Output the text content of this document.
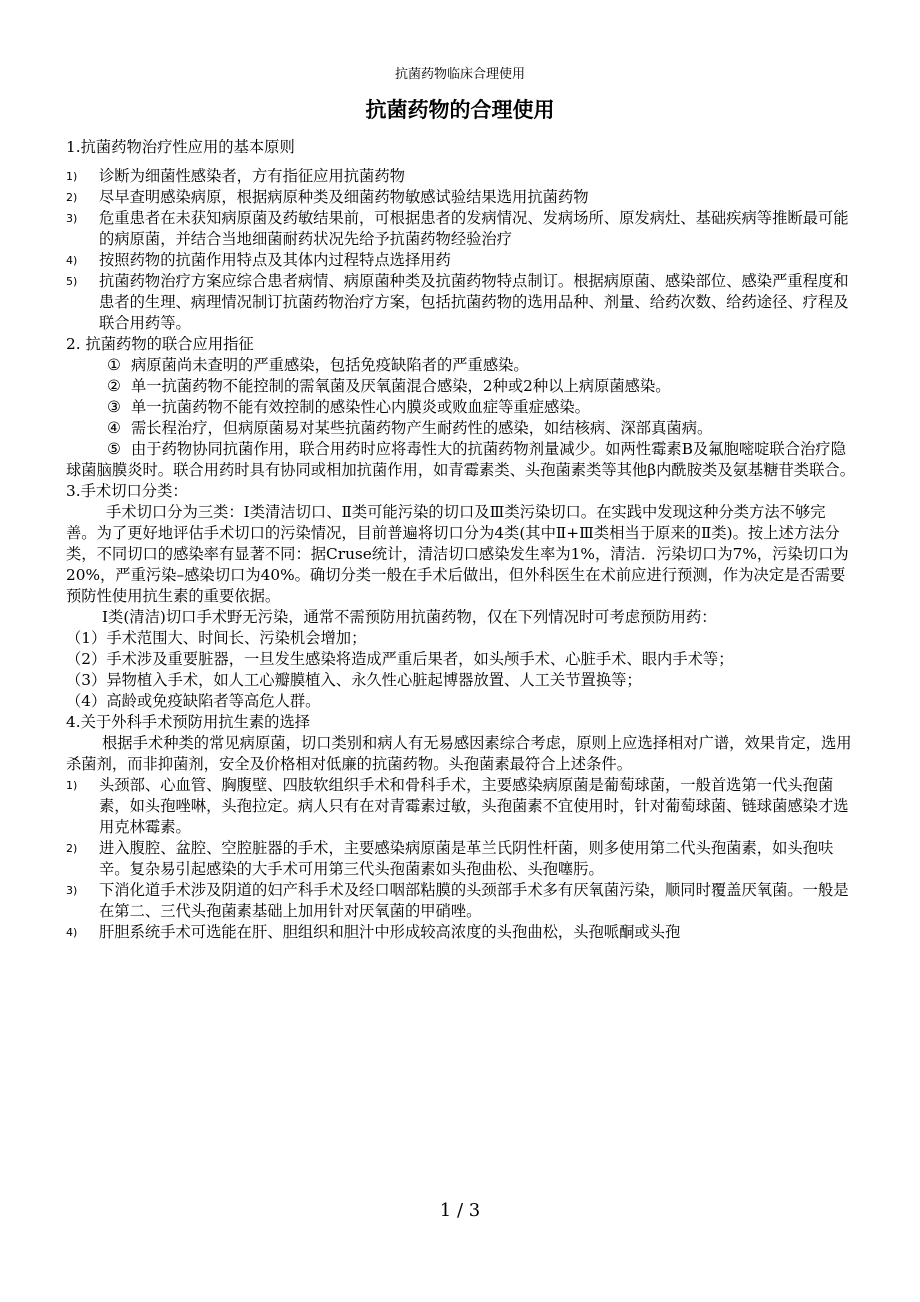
抗菌药物临床合理使用
抗菌药物的合理使用

1.抗菌药物治疗性应用的基本原则

1) 诊断为细菌性感染者，方有指征应用抗菌药物
2) 尽早查明感染病原，根据病原种类及细菌药物敏感试验结果选用抗菌药物
3) 危重患者在未获知病原菌及药敏结果前，可根据患者的发病情况、发病场所、原发病灶、基础疾病等推断最可能的病原菌，并结合当地细菌耐药状况先给予抗菌药物经验治疗
4) 按照药物的抗菌作用特点及其体内过程特点选择用药
5) 抗菌药物治疗方案应综合患者病情、病原菌种类及抗菌药物特点制订。根据病原菌、感染部位、感染严重程度和患者的生理、病理情况制订抗菌药物治疗方案，包括抗菌药物的选用品种、剂量、给药次数、给药途径、疗程及联合用药等。

2. 抗菌药物的联合应用指征

① 病原菌尚未查明的严重感染，包括免疫缺陷者的严重感染。
② 单一抗菌药物不能控制的需氧菌及厌氧菌混合感染，2种或2种以上病原菌感染。
③ 单一抗菌药物不能有效控制的感染性心内膜炎或败血症等重症感染。
④ 需长程治疗，但病原菌易对某些抗菌药物产生耐药性的感染，如结核病、深部真菌病。
⑤ 由于药物协同抗菌作用，联合用药时应将毒性大的抗菌药物剂量减少。如两性霉素B及氟胞嘧啶联合治疗隐球菌脑膜炎时。联合用药时具有协同或相加抗菌作用，如青霉素类、头孢菌素类等其他β内酰胺类及氨基糖苷类联合。

3.手术切口分类：

手术切口分为三类：Ⅰ类清洁切口、Ⅱ类可能污染的切口及Ⅲ类污染切口。在实践中发现这种分类方法不够完善。为了更好地评估手术切口的污染情况，目前普遍将切口分为4类(其中Ⅱ+Ⅲ类相当于原来的Ⅱ类)。按上述方法分类，不同切口的感染率有显著不同：据Cruse统计，清洁切口感染发生率为1%，清洁．污染切口为7%，污染切口为20%，严重污染–感染切口为40%。确切分类一般在手术后做出，但外科医生在术前应进行预测，作为决定是否需要预防性使用抗生素的重要依据。

Ⅰ类(清洁)切口手术野无污染，通常不需预防用抗菌药物，仅在下列情况时可考虑预防用药：

（1）手术范围大、时间长、污染机会增加；

（2）手术涉及重要脏器，一旦发生感染将造成严重后果者，如头颅手术、心脏手术、眼内手术等；

（3）异物植入手术，如人工心瓣膜植入、永久性心脏起博器放置、人工关节置换等；

（4）高龄或免疫缺陷者等高危人群。

4.关于外科手术预防用抗生素的选择

根据手术种类的常见病原菌，切口类别和病人有无易感因素综合考虑，原则上应选择相对广谱，效果肯定，选用杀菌剂，而非抑菌剂，安全及价格相对低廉的抗菌药物。头孢菌素最符合上述条件。

1) 头颈部、心血管、胸腹壁、四肢软组织手术和骨科手术，主要感染病原菌是葡萄球菌，一般首选第一代头孢菌素，如头孢唑啉，头孢拉定。病人只有在对青霉素过敏，头孢菌素不宜使用时，针对葡萄球菌、链球菌感染才选用克林霉素。
2) 进入腹腔、盆腔、空腔脏器的手术，主要感染病原菌是革兰氏阴性杆菌，则多使用第二代头孢菌素，如头孢呋辛。复杂易引起感染的大手术可用第三代头孢菌素如头孢曲松、头孢噻肟。
3) 下消化道手术涉及阴道的妇产科手术及经口咽部粘膜的头颈部手术多有厌氧菌污染，顺同时覆盖厌氧菌。一般是在第二、三代头孢菌素基础上加用针对厌氧菌的甲硝唑。
4) 肝胆系统手术可选能在肝、胆组织和胆汁中形成较高浓度的头孢曲松，头孢哌酮或头孢
1 / 3
